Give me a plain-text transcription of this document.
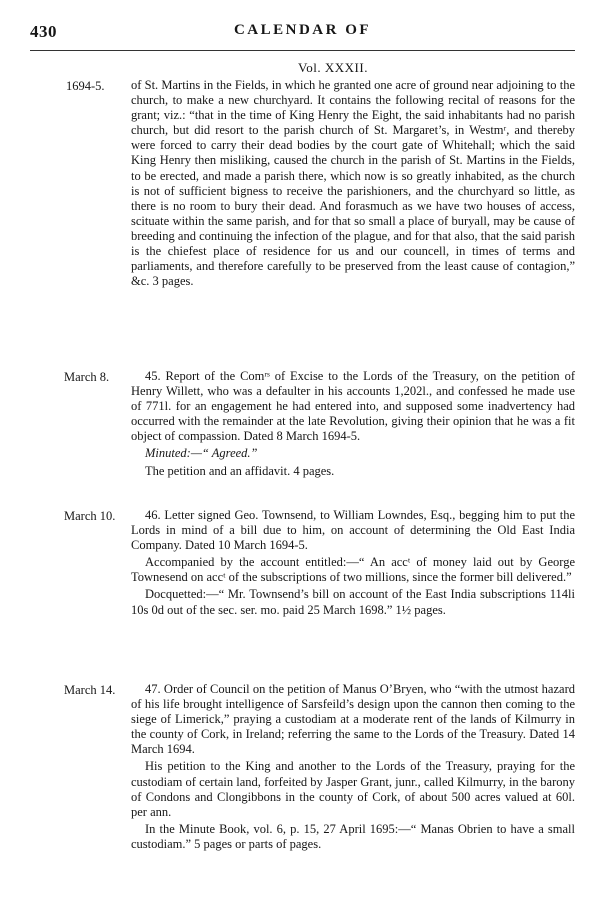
430	CALENDAR OF
Vol. XXXII.
1694-5. of St. Martins in the Fields, in which he granted one acre of ground near adjoining to the church, to make a new churchyard. It contains the following recital of reasons for the grant; viz.: “that in the time of King Henry the Eight, the said inhabitants had no parish church, but did resort to the parish church of St. Margaret’s, in Westmʳ, and thereby were forced to carry their dead bodies by the court gate of Whitehall; which the said King Henry then misliking, caused the church in the parish of St. Martins in the Fields, to be erected, and made a parish there, which now is so greatly inhabited, as the church is not of sufficient bigness to receive the parishioners, and the churchyard so little, as there is no room to bury their dead. And forasmuch as we have two houses of access, scituate within the same parish, and for that so small a place of buryall, may be cause of breeding and continuing the infection of the plague, and for that also, that the said parish is the chiefest place of residence for us and our councell, in times of terms and parliaments, and therefore carefully to be preserved from the least cause of contagion,” &c. 3 pages.

March 8.	45. Report of the Comʳˢ of Excise to the Lords of the Treasury, on the petition of Henry Willett, who was a defaulter in his accounts 1,202l., and confessed he made use of 771l. for an engagement he had entered into, and supposed some inadvertency had occurred with the remainder at the late Revolution, giving their opinion that he was a fit object of compassion. Dated 8 March 1694-5.

Minuted:—“ Agreed.”

The petition and an affidavit. 4 pages.

March 10.	46. Letter signed Geo. Townsend, to William Lowndes, Esq., begging him to put the Lords in mind of a bill due to him, on account of determining the Old East India Company. Dated 10 March 1694-5.

Accompanied by the account entitled:—“ An accᵗ of money laid out by George Townesend on accᵗ of the subscriptions of two millions, since the former bill delivered.”

Docquetted:—“ Mr. Townsend’s bill on account of the East India subscriptions 114li 10s 0d out of the sec. ser. mo. paid 25 March 1698.” 1½ pages.

March 14.	47. Order of Council on the petition of Manus O’Bryen, who “with the utmost hazard of his life brought intelligence of Sarsfeild’s design upon the cannon then coming to the siege of Limerick,” praying a custodiam at a moderate rent of the lands of Kilmurry in the county of Cork, in Ireland; referring the same to the Lords of the Treasury. Dated 14 March 1694.

His petition to the King and another to the Lords of the Treasury, praying for the custodiam of certain land, forfeited by Jasper Grant, junr., called Kilmurry, in the barony of Condons and Clongibbons in the county of Cork, of about 500 acres valued at 60l. per ann.

In the Minute Book, vol. 6, p. 15, 27 April 1695:—“ Manas Obrien to have a small custodiam.” 5 pages or parts of pages.
